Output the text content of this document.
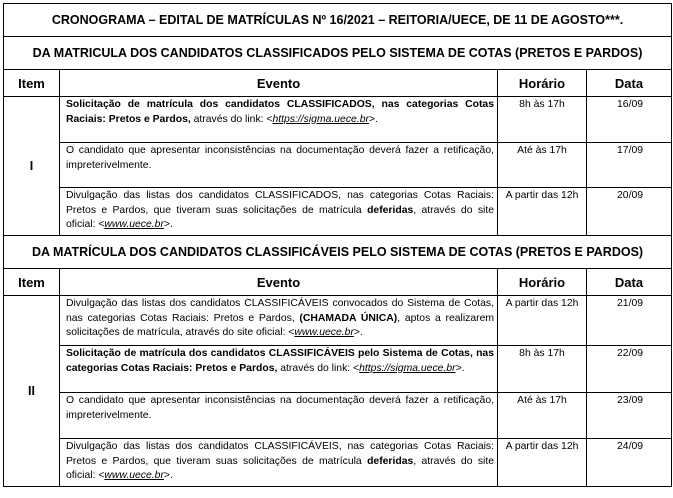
CRONOGRAMA – EDITAL DE MATRÍCULAS Nº 16/2021 – REITORIA/UECE, DE 11 DE AGOSTO***.			
DA MATRICULA DOS CANDIDATOS CLASSIFICADOS PELO SISTEMA DE COTAS (PRETOS E PARDOS)			
Item	Evento	Horário	Data
I	Solicitação de matrícula dos candidatos CLASSIFICADOS, nas categorias Cotas Raciais: Pretos e Pardos, através do link: <https://sigma.uece.br>.	8h às 17h	16/09
	O candidato que apresentar inconsistências na documentação deverá fazer a retificação, impreterivelmente.	Até às 17h	17/09
	Divulgação das listas dos candidatos CLASSIFICADOS, nas categorias Cotas Raciais: Pretos e Pardos, que tiveram suas solicitações de matrícula deferidas, através do site oficial: <www.uece.br>.	A partir das 12h	20/09
DA MATRÍCULA DOS CANDIDATOS CLASSIFICÁVEIS PELO SISTEMA DE COTAS (PRETOS E PARDOS)			
Item	Evento	Horário	Data
II	Divulgação das listas dos candidatos CLASSIFICÁVEIS convocados do Sistema de Cotas, nas categorias Cotas Raciais: Pretos e Pardos, (CHAMADA ÚNICA), aptos a realizarem solicitações de matrícula, através do site oficial: <www.uece.br>.	A partir das 12h	21/09
	Solicitação de matrícula dos candidatos CLASSIFICÁVEIS pelo Sistema de Cotas, nas categorias Cotas Raciais: Pretos e Pardos, através do link: <https://sigma.uece.br>.	8h às 17h	22/09
	O candidato que apresentar inconsistências na documentação deverá fazer a retificação, impreterivelmente.	Até às 17h	23/09
	Divulgação das listas dos candidatos CLASSIFICÁVEIS, nas categorias Cotas Raciais: Pretos e Pardos, que tiveram suas solicitações de matrícula deferidas, através do site oficial: <www.uece.br>.	A partir das 12h	24/09
